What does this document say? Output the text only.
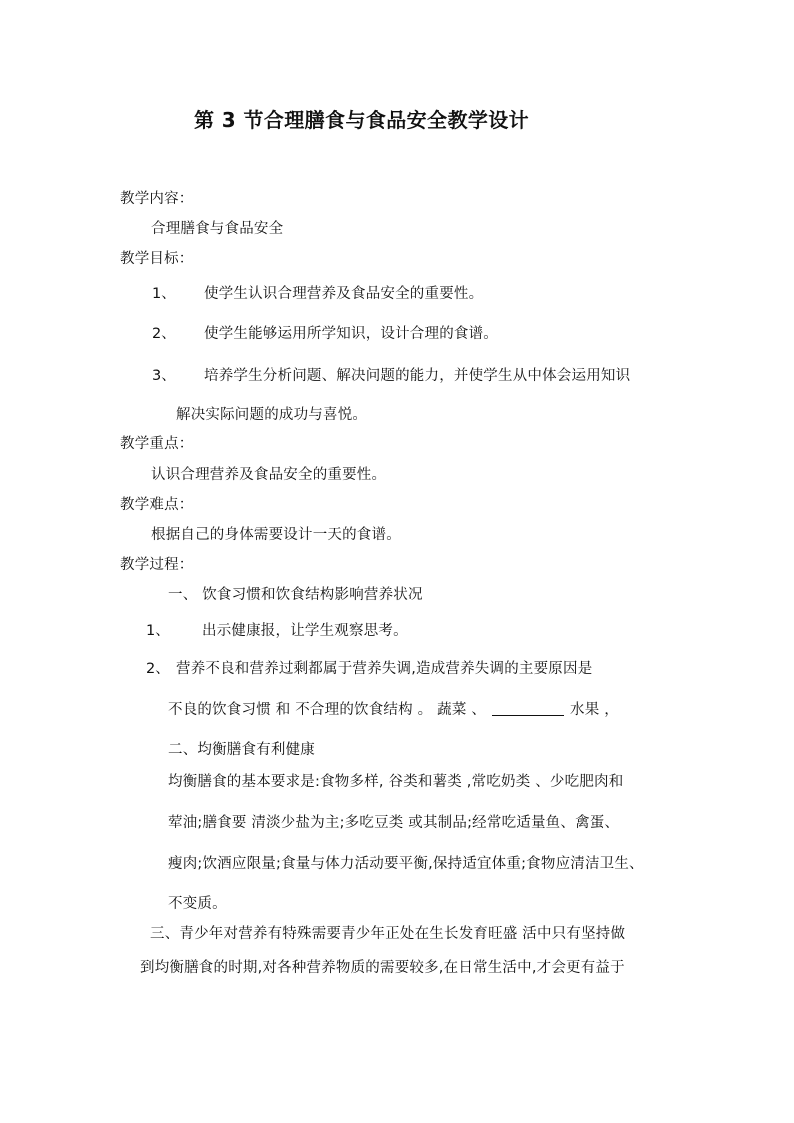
第 3 节合理膳食与食品安全教学设计
教学内容：
合理膳食与食品安全
教学目标：
1、 使学生认识合理营养及食品安全的重要性。
2、 使学生能够运用所学知识，设计合理的食谱。
3、 培养学生分析问题、解决问题的能力，并使学生从中体会运用知识
解决实际问题的成功与喜悦。
教学重点：
认识合理营养及食品安全的重要性。
教学难点：
根据自己的身体需要设计一天的食谱。
教学过程：
一、 饮食习惯和饮食结构影响营养状况
1、 出示健康报，让学生观察思考。
2、 营养不良和营养过剩都属于营养失调,造成营养失调的主要原因是
不良的饮食习惯 和 不合理的饮食结构 。 蔬菜 、	水果 ，
二、均衡膳食有利健康
均衡膳食的基本要求是:食物多样, 谷类和薯类 ,常吃奶类 、少吃肥肉和
荤油;膳食要 清淡少盐为主;多吃豆类 或其制品;经常吃适量鱼、禽蛋、
瘦肉;饮酒应限量;食量与体力活动要平衡,保持适宜体重;食物应清洁卫生、
不变质。
三、青少年对营养有特殊需要青少年正处在生长发育旺盛 活中只有坚持做
到均衡膳食的时期,对各种营养物质的需要较多,在日常生活中,才会更有益于
